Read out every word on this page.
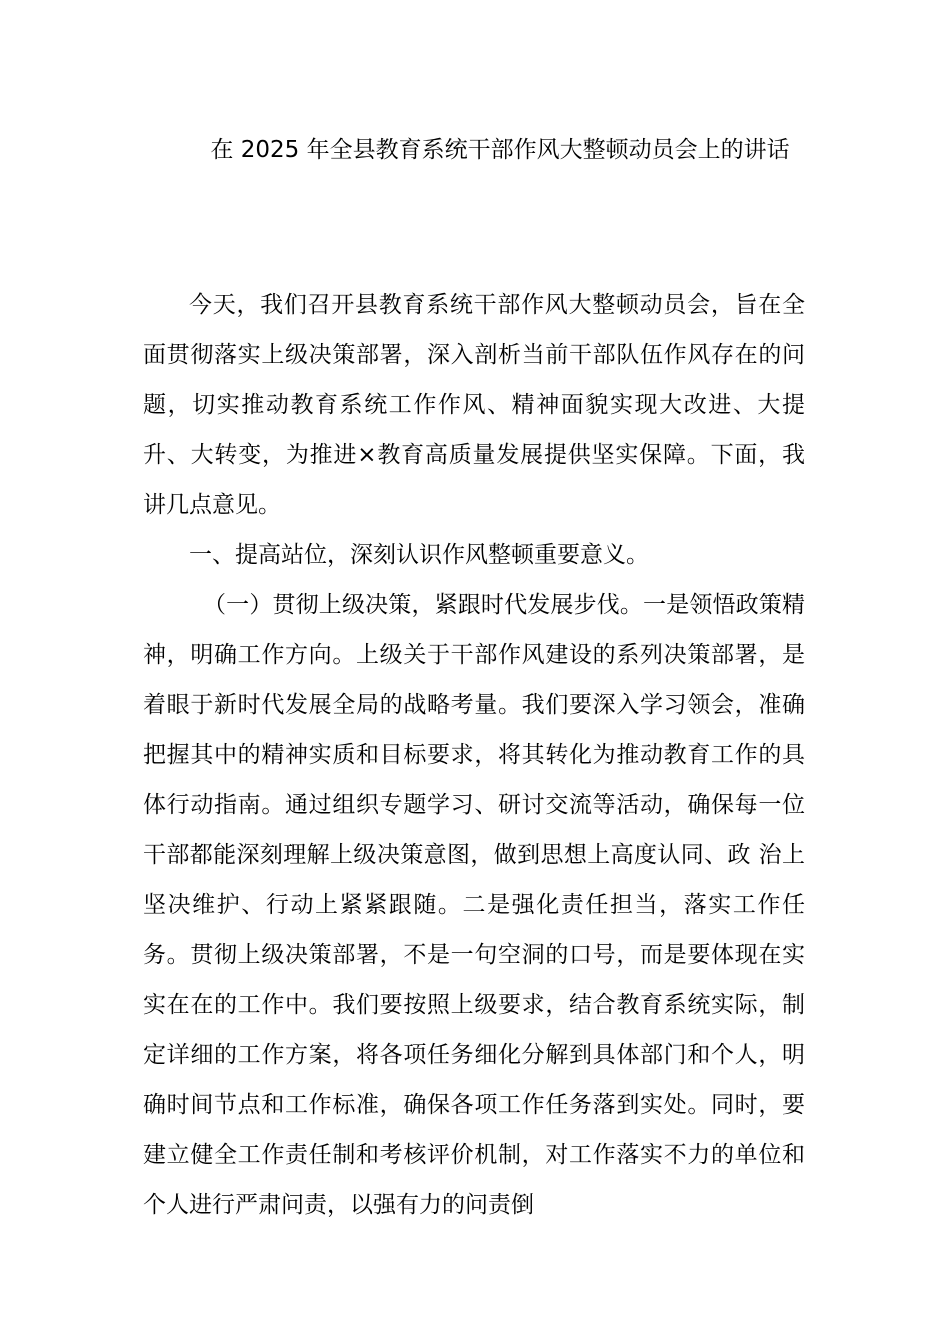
在 2025 年全县教育系统干部作风大整顿动员会上的讲话

今天，我们召开县教育系统干部作风大整顿动员会，旨在全面贯彻落实上级决策部署，深入剖析当前干部队伍作风存在的问题，切实推动教育系统工作作风、精神面貌实现大改进、大提升、大转变，为推进×教育高质量发展提供坚实保障。下面，我讲几点意见。

一、提高站位，深刻认识作风整顿重要意义。

（一）贯彻上级决策，紧跟时代发展步伐。一是领悟政策精神，明确工作方向。上级关于干部作风建设的系列决策部署，是着眼于新时代发展全局的战略考量。我们要深入学习领会，准确把握其中的精神实质和目标要求，将其转化为推动教育工作的具体行动指南。通过组织专题学习、研讨交流等活动，确保每一位干部都能深刻理解上级决策意图，做到思想上高度认同、政 治上坚决维护、行动上紧紧跟随。二是强化责任担当，落实工作任务。贯彻上级决策部署，不是一句空洞的口号，而是要体现在实实在在的工作中。我们要按照上级要求，结合教育系统实际，制定详细的工作方案，将各项任务细化分解到具体部门和个人，明确时间节点和工作标准，确保各项工作任务落到实处。同时，要建立健全工作责任制和考核评价机制，对工作落实不力的单位和个人进行严肃问责，以强有力的问责倒
